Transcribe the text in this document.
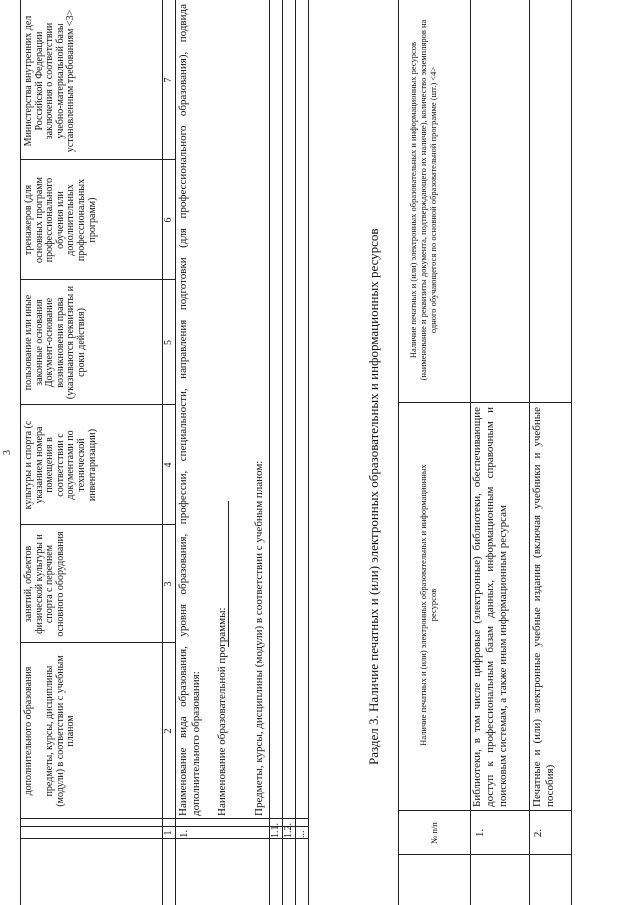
3
дополнительного образования

предметы, курсы, дисциплины (модули) в соответствии с учебным планом
занятий, объектов физической культуры и спорта с перечнем основного оборудования
культуры и спорта (с указанием номера помещения в соответствии с документами по технической инвентаризации)
пользование или иные законные основания Документ-основание возникновения права (указываются реквизиты и сроки действия)
тренажеров (для основных программ профессионального обучения или дополнительных профессиональных программ)
Министерства внутренних дел Российской Федерации заключения о соответствии учебно-материальной базы установленным требованиям <3>
1
2
3
4
5
6
7
1.
Наименование вида образования, уровня образования, профессии, специальности, направления подготовки (для профессионального образования), подвида дополнительного образования: Наименование образовательной программы: Предметы, курсы, дисциплины (модули) в соответствии с учебным планом:
1.1. 1.2. ...
Раздел 3. Наличие печатных и (или) электронных образовательных и информационных ресурсов
№ п/п
Наличие печатных и (или) электронных образовательных и информационных ресурсов
Наличие печатных и (или) электронных образовательных и информационных ресурсов (наименование и реквизиты документа, подтверждающего их наличие), количество экземпляров на одного обучающегося по основной образовательной программе (шт.) <4>
1.
Библиотеки, в том числе цифровые (электронные) библиотеки, обеспечивающие доступ к профессиональным базам данных, информационным справочным и поисковым системам, а также иным информационным ресурсам
2.
Печатные и (или) электронные учебные издания (включая учебники и учебные пособия)
